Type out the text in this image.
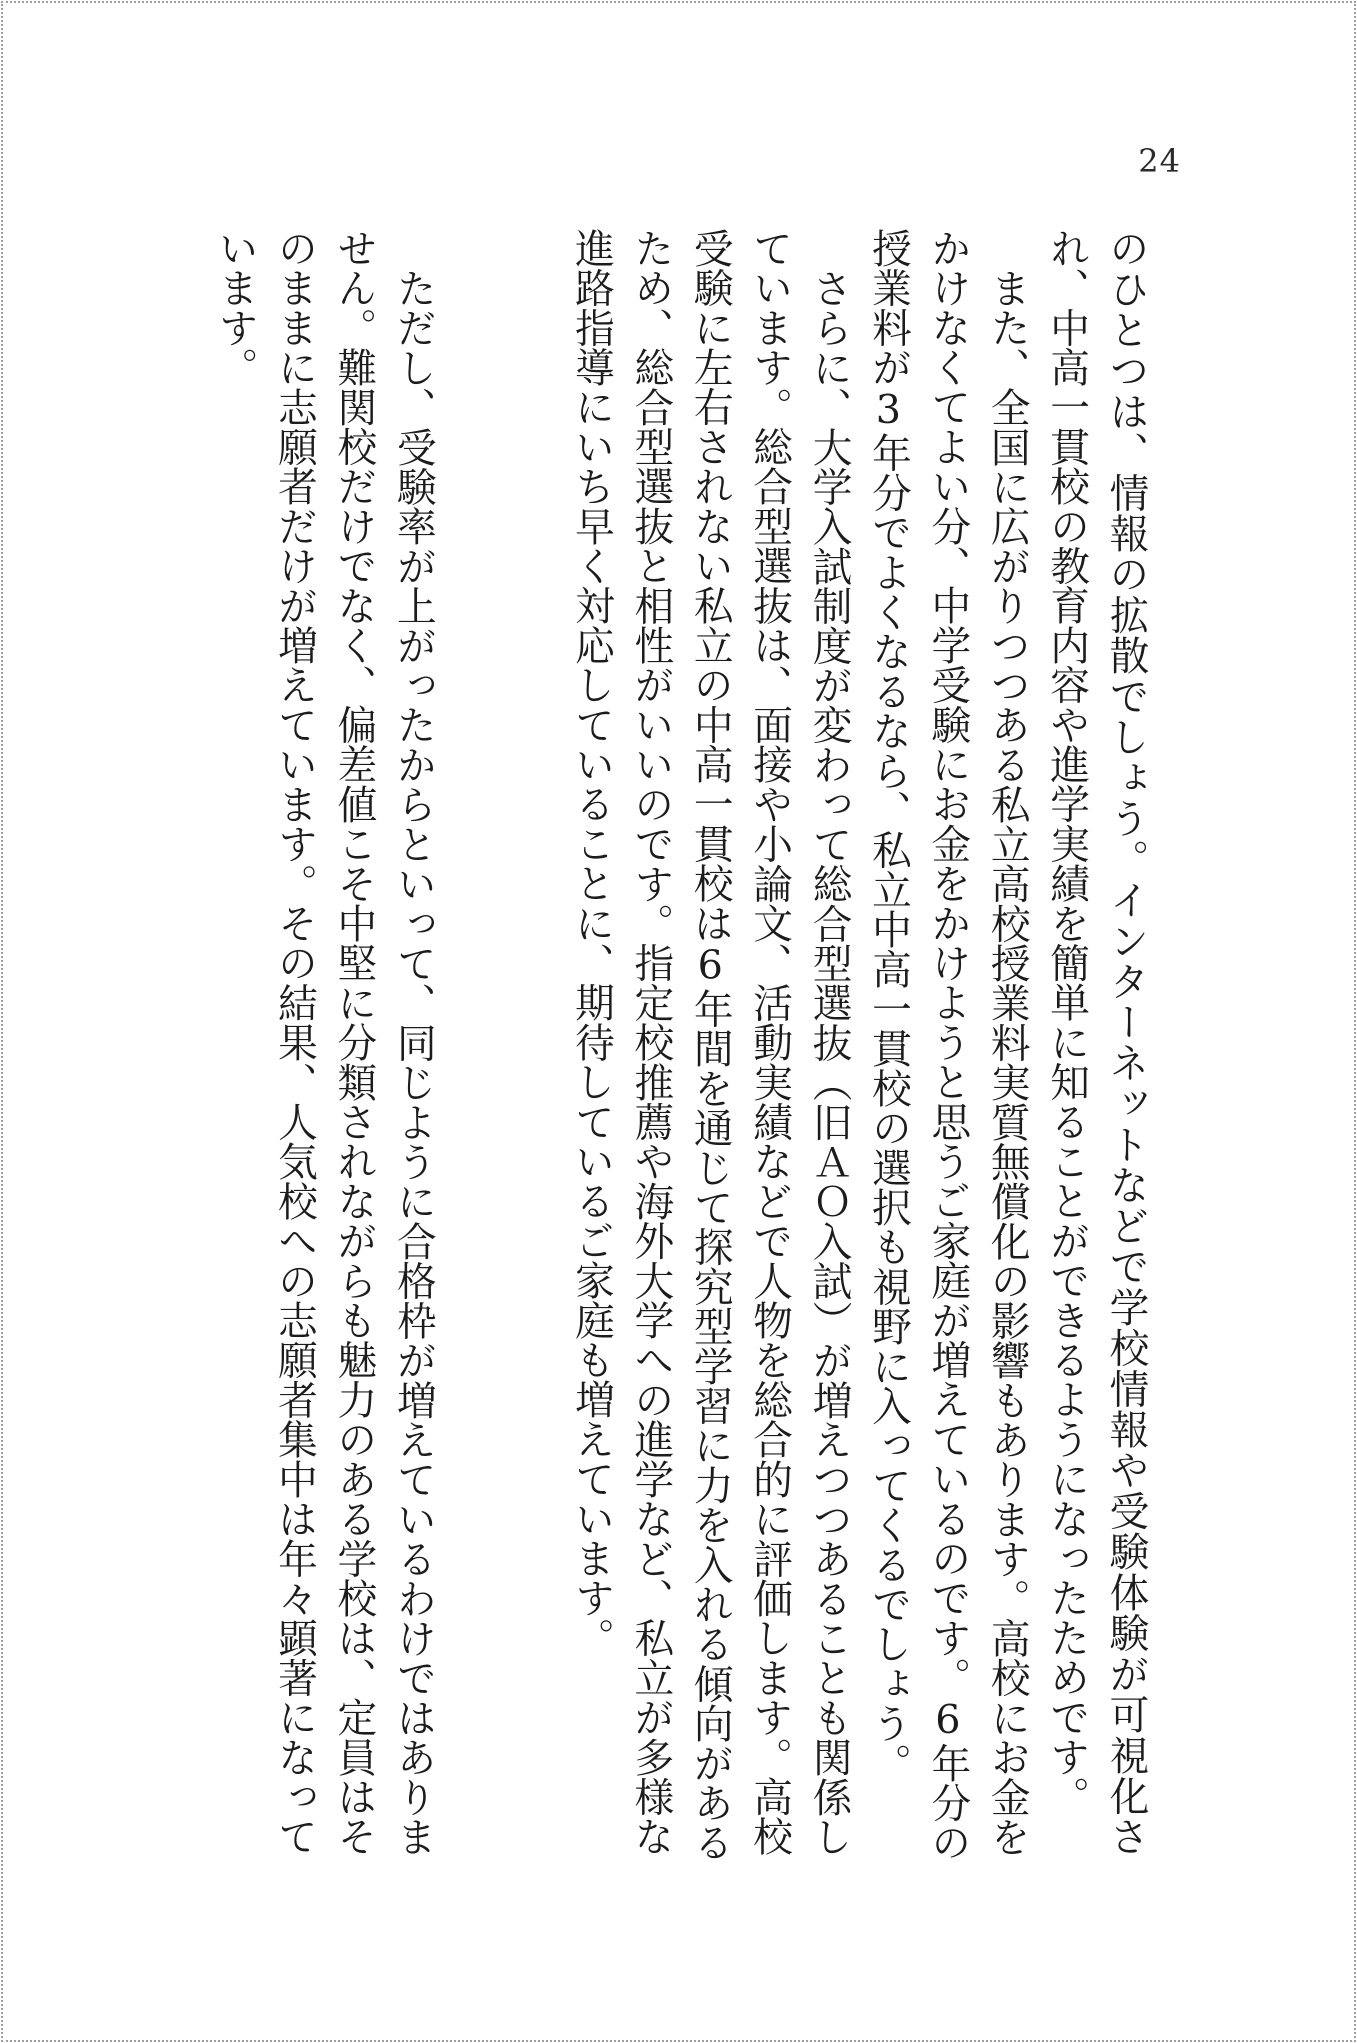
24
のひとつは、情報の拡散でしょう。インターネットなどで学校情報や受験体験が可視化さ
れ、中高一貫校の教育内容や進学実績を簡単に知ることができるようになったためです。
また、全国に広がりつつある私立高校授業料実質無償化の影響もあります。高校にお金を
かけなくてよい分、中学受験にお金をかけようと思うご家庭が増えているのです。6年分の
授業料が3年分でよくなるなら、私立中高一貫校の選択も視野に入ってくるでしょう。
さらに、大学入試制度が変わって総合型選抜（旧ＡＯ入試）が増えつつあることも関係し
ています。総合型選抜は、面接や小論文、活動実績などで人物を総合的に評価します。高校
受験に左右されない私立の中高一貫校は6年間を通じて探究型学習に力を入れる傾向がある
ため、総合型選抜と相性がいいのです。指定校推薦や海外大学への進学など、私立が多様な
進路指導にいち早く対応していることに、期待しているご家庭も増えています。
ただし、受験率が上がったからといって、同じように合格枠が増えているわけではありま
せん。難関校だけでなく、偏差値こそ中堅に分類されながらも魅力のある学校は、定員はそ
のままに志願者だけが増えています。その結果、人気校への志願者集中は年々顕著になって
います。
